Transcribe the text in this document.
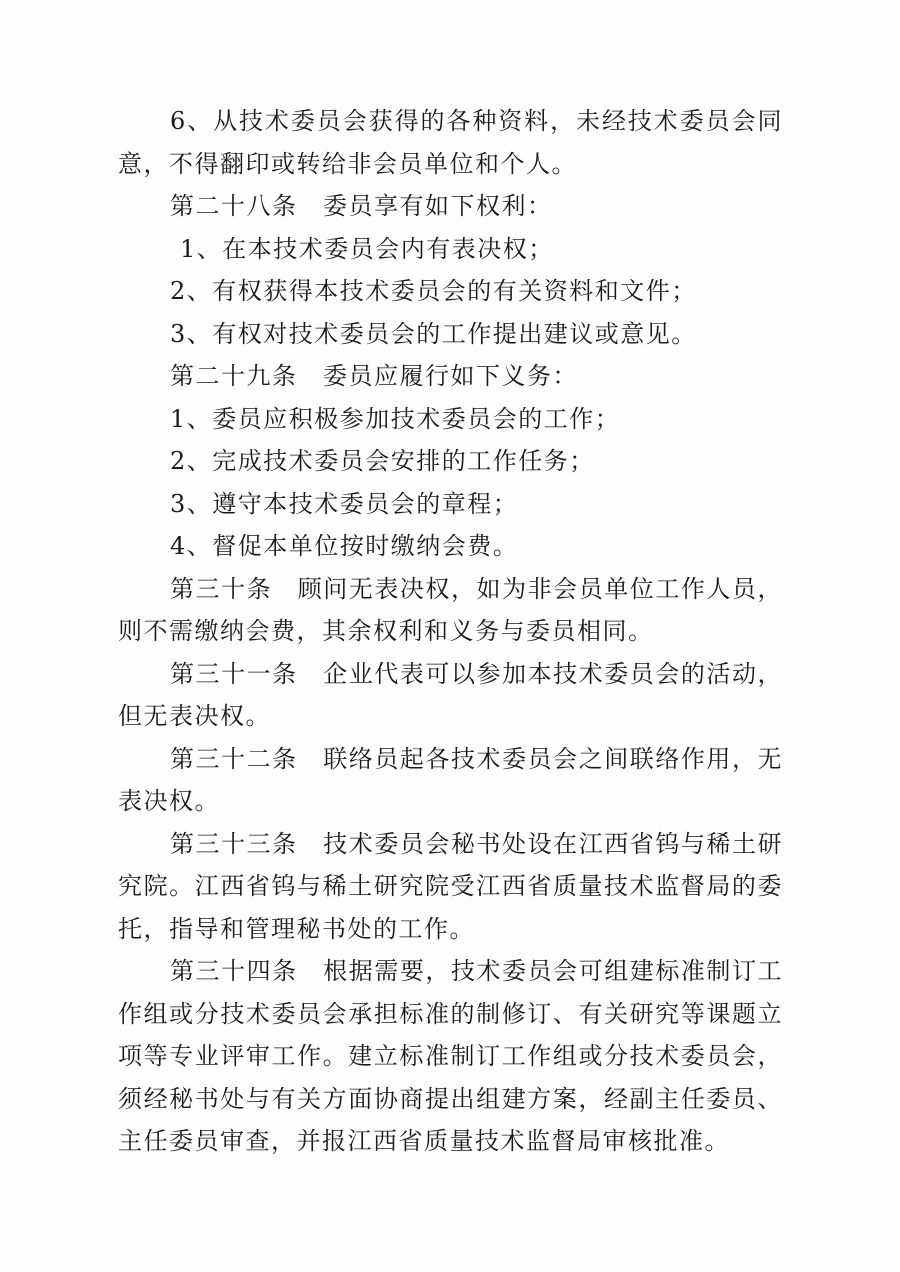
6、从技术委员会获得的各种资料，未经技术委员会同意，不得翻印或转给非会员单位和个人。

第二十八条　委员享有如下权利：

1、在本技术委员会内有表决权；

2、有权获得本技术委员会的有关资料和文件；

3、有权对技术委员会的工作提出建议或意见。

第二十九条　委员应履行如下义务：

1、委员应积极参加技术委员会的工作；

2、完成技术委员会安排的工作任务；

3、遵守本技术委员会的章程；

4、督促本单位按时缴纳会费。

第三十条　顾问无表决权，如为非会员单位工作人员，则不需缴纳会费，其余权利和义务与委员相同。

第三十一条　企业代表可以参加本技术委员会的活动，但无表决权。

第三十二条　联络员起各技术委员会之间联络作用，无表决权。

第三十三条　技术委员会秘书处设在江西省钨与稀土研究院。江西省钨与稀土研究院受江西省质量技术监督局的委托，指导和管理秘书处的工作。

第三十四条　根据需要，技术委员会可组建标准制订工作组或分技术委员会承担标准的制修订、有关研究等课题立项等专业评审工作。建立标准制订工作组或分技术委员会，须经秘书处与有关方面协商提出组建方案，经副主任委员、主任委员审查，并报江西省质量技术监督局审核批准。
